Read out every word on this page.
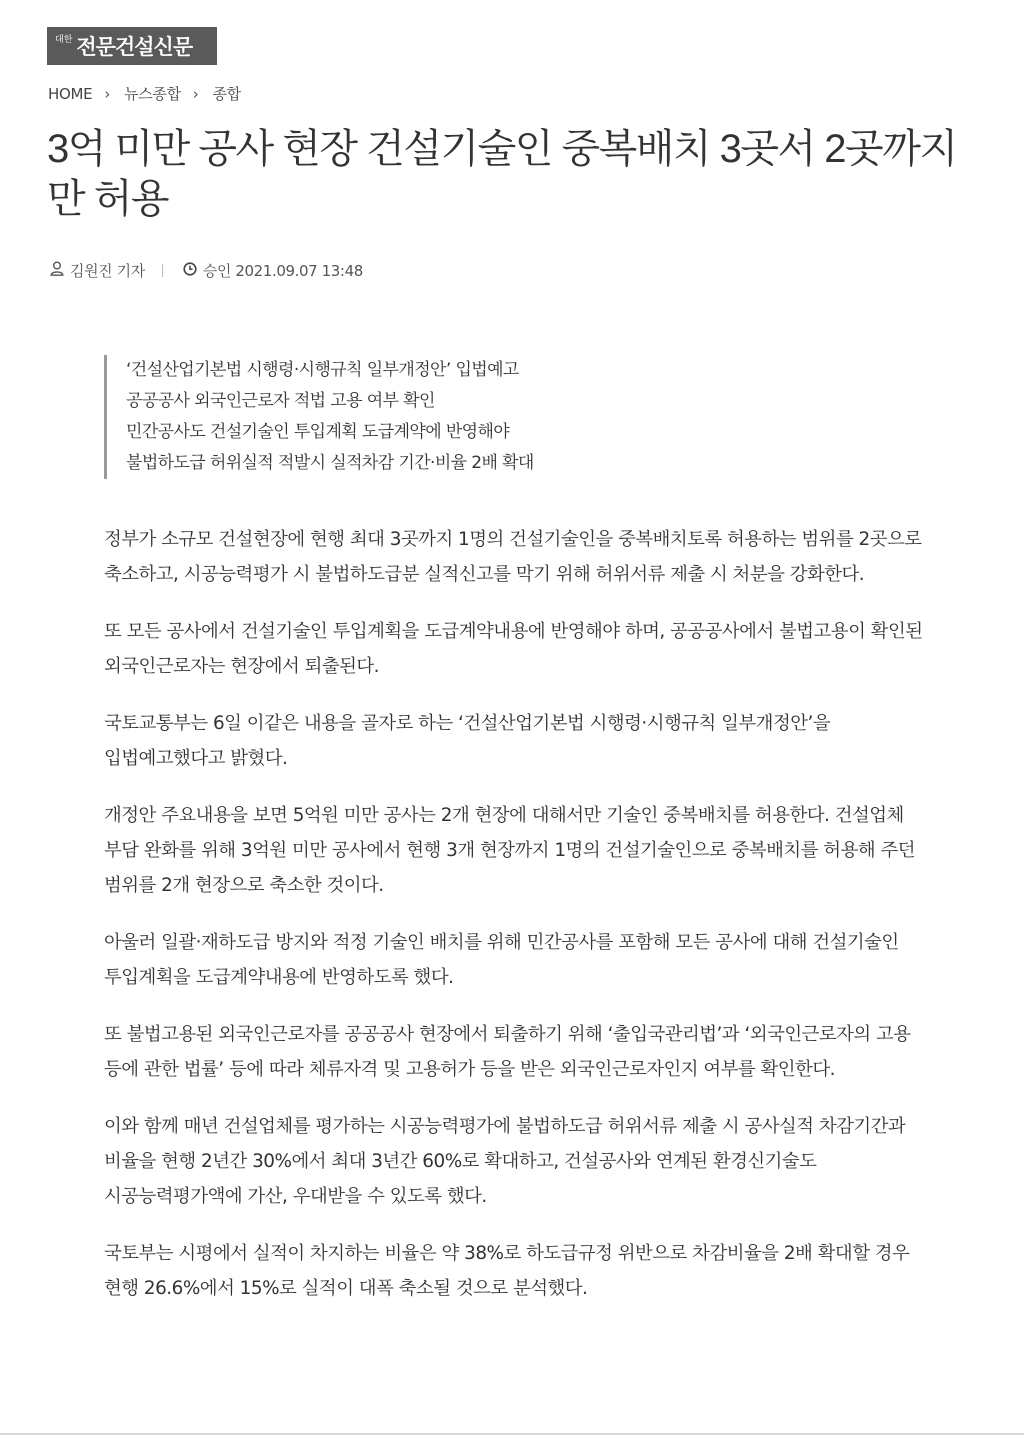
대한 전문건설신문
HOME › 뉴스종합 › 종합
3억 미만 공사 현장 건설기술인 중복배치 3곳서 2곳까지만 허용
김원진 기자	승인 2021.09.07 13:48
‘건설산업기본법 시행령·시행규칙 일부개정안’ 입법예고
공공공사 외국인근로자 적법 고용 여부 확인
민간공사도 건설기술인 투입계획 도급계약에 반영해야
불법하도급 허위실적 적발시 실적차감 기간·비율 2배 확대

정부가 소규모 건설현장에 현행 최대 3곳까지 1명의 건설기술인을 중복배치토록 허용하는 범위를 2곳으로 축소하고, 시공능력평가 시 불법하도급분 실적신고를 막기 위해 허위서류 제출 시 처분을 강화한다.

또 모든 공사에서 건설기술인 투입계획을 도급계약내용에 반영해야 하며, 공공공사에서 불법고용이 확인된 외국인근로자는 현장에서 퇴출된다.

국토교통부는 6일 이같은 내용을 골자로 하는 ‘건설산업기본법 시행령·시행규칙 일부개정안’을 입법예고했다고 밝혔다.

개정안 주요내용을 보면 5억원 미만 공사는 2개 현장에 대해서만 기술인 중복배치를 허용한다. 건설업체 부담 완화를 위해 3억원 미만 공사에서 현행 3개 현장까지 1명의 건설기술인으로 중복배치를 허용해 주던 범위를 2개 현장으로 축소한 것이다.

아울러 일괄·재하도급 방지와 적정 기술인 배치를 위해 민간공사를 포함해 모든 공사에 대해 건설기술인 투입계획을 도급계약내용에 반영하도록 했다.

또 불법고용된 외국인근로자를 공공공사 현장에서 퇴출하기 위해 ‘출입국관리법’과 ‘외국인근로자의 고용 등에 관한 법률’ 등에 따라 체류자격 및 고용허가 등을 받은 외국인근로자인지 여부를 확인한다.

이와 함께 매년 건설업체를 평가하는 시공능력평가에 불법하도급 허위서류 제출 시 공사실적 차감기간과 비율을 현행 2년간 30%에서 최대 3년간 60%로 확대하고, 건설공사와 연계된 환경신기술도 시공능력평가액에 가산, 우대받을 수 있도록 했다.

국토부는 시평에서 실적이 차지하는 비율은 약 38%로 하도급규정 위반으로 차감비율을 2배 확대할 경우 현행 26.6%에서 15%로 실적이 대폭 축소될 것으로 분석했다.
